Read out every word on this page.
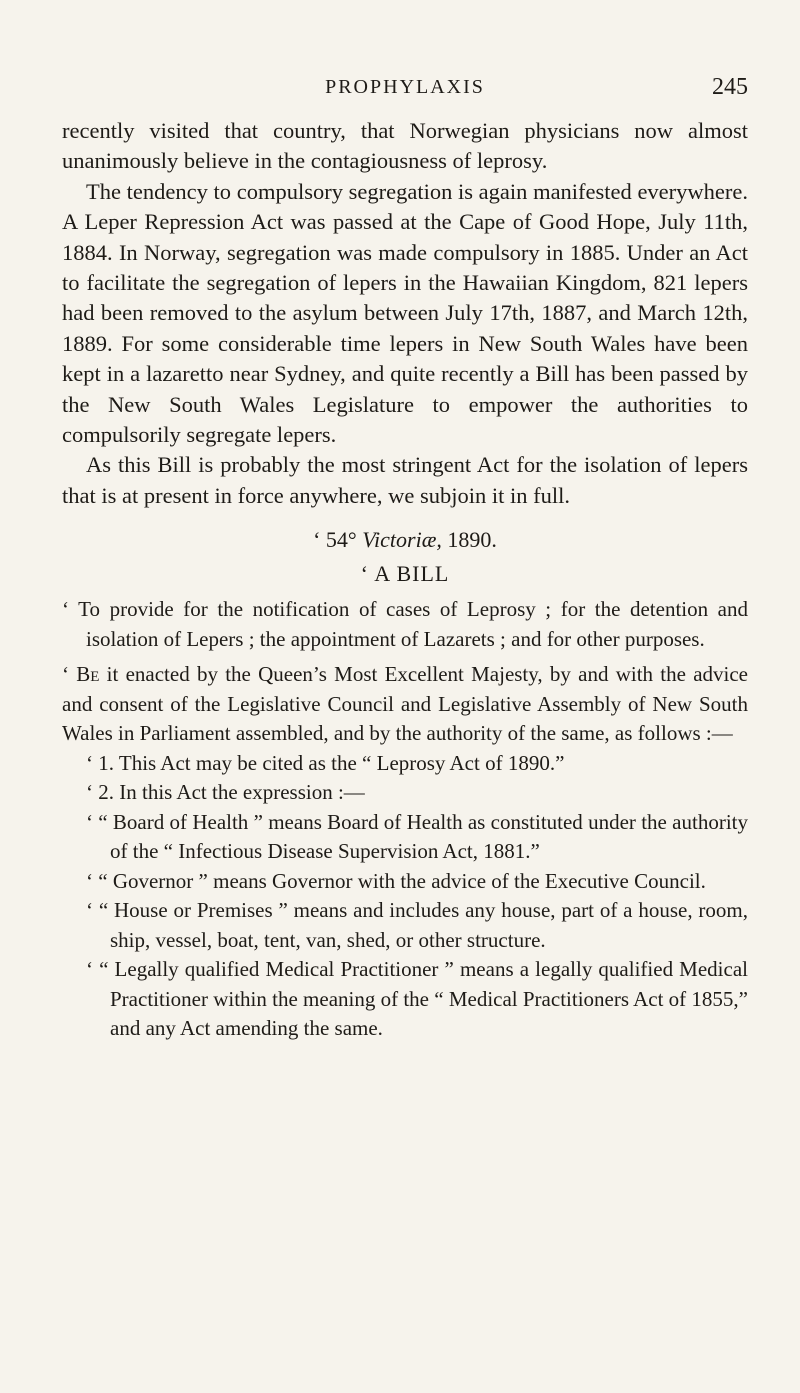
PROPHYLAXIS	245

recently visited that country, that Norwegian physicians now almost unanimously believe in the contagiousness of leprosy.

The tendency to compulsory segregation is again manifested everywhere. A Leper Repression Act was passed at the Cape of Good Hope, July 11th, 1884. In Norway, segregation was made compulsory in 1885. Under an Act to facilitate the segregation of lepers in the Hawaiian Kingdom, 821 lepers had been removed to the asylum between July 17th, 1887, and March 12th, 1889. For some considerable time lepers in New South Wales have been kept in a lazaretto near Sydney, and quite recently a Bill has been passed by the New South Wales Legislature to empower the authorities to compulsorily segregate lepers.

As this Bill is probably the most stringent Act for the isolation of lepers that is at present in force anywhere, we subjoin it in full.

‘ 54° Victoriæ, 1890.
‘ A BILL
‘ To provide for the notification of cases of Leprosy ; for the detention and isolation of Lepers ; the appointment of Lazarets ; and for other purposes.
‘ Be it enacted by the Queen’s Most Excellent Majesty, by and with the advice and consent of the Legislative Council and Legislative Assembly of New South Wales in Parliament assembled, and by the authority of the same, as follows :—

‘ 1. This Act may be cited as the “ Leprosy Act of 1890.”

‘ 2. In this Act the expression :—

‘ “ Board of Health ” means Board of Health as constituted under the authority of the “ Infectious Disease Supervision Act, 1881.”

‘ “ Governor ” means Governor with the advice of the Executive Council.

‘ “ House or Premises ” means and includes any house, part of a house, room, ship, vessel, boat, tent, van, shed, or other structure.

‘ “ Legally qualified Medical Practitioner ” means a legally qualified Medical Practitioner within the meaning of the “ Medical Practitioners Act of 1855,” and any Act amending the same.
